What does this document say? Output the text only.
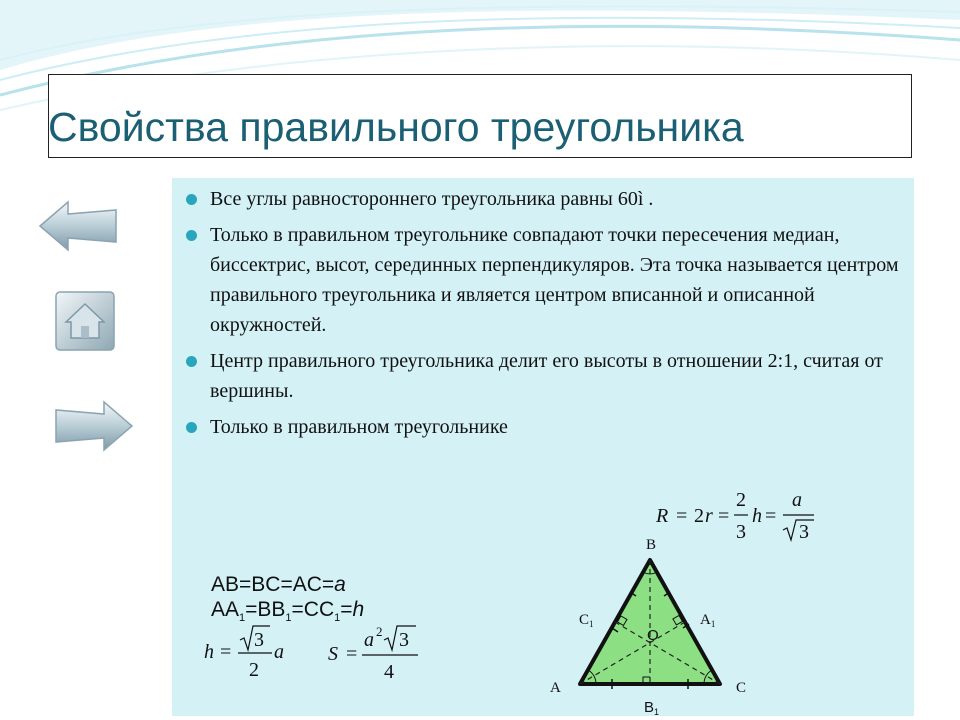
Свойства правильного треугольника
Все углы равностороннего треугольника равны 60ì .
Только в правильном треугольнике совпадают точки пересечения медиан, биссектрис, высот, серединных перпендикуляров. Эта точка называется центром правильного треугольника и является центром вписанной и описанной окружностей.
Центр правильного треугольника делит его высоты в отношении 2:1, считая от вершины.
Только в правильном треугольнике
R = 2 r =
2
3
h =
a
3
AB=BC=AC=a
$AA_1=BB_1=CC_1=h$
h =
3
2
a S =
a 2 3
4
B
A	C
$C_1$	$A_1$
$B_1$
O
